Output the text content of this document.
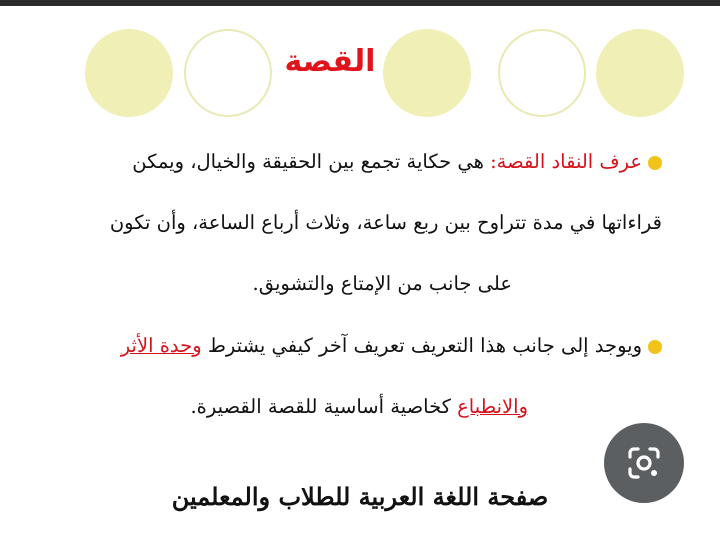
القصة
عرف النقاد القصة: هي حكاية تجمع بين الحقيقة والخيال، ويمكن
قراءاتها في مدة تتراوح بين ربع ساعة، وثلاث أرباع الساعة، وأن تكون
على جانب من الإمتاع والتشويق.
ويوجد إلى جانب هذا التعريف تعريف آخر كيفي يشترط وحدة الأثر
والانطباع كخاصية أساسية للقصة القصيرة.
صفحة اللغة العربية للطلاب والمعلمين
